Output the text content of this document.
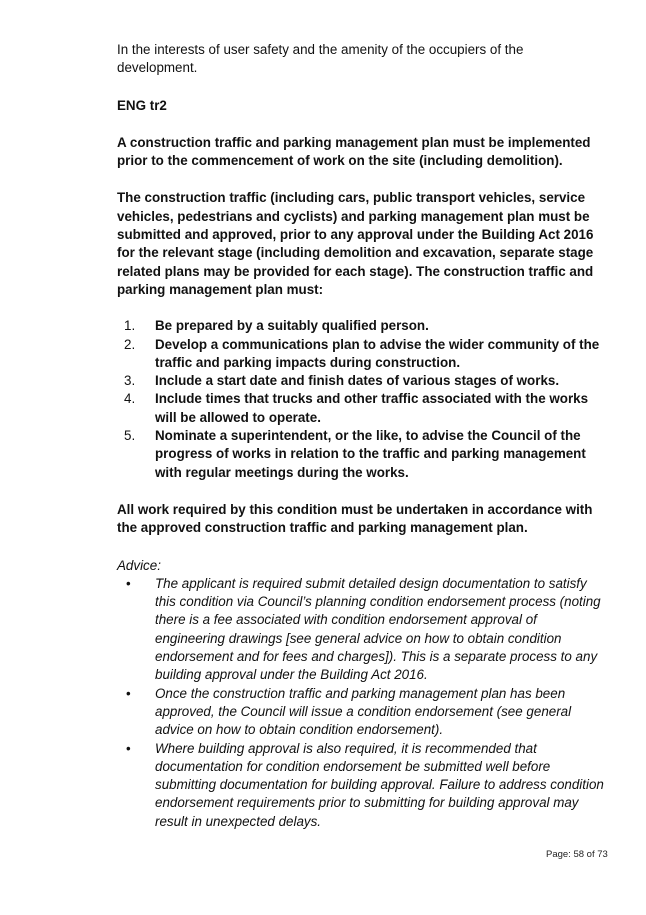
In the interests of user safety and the amenity of the occupiers of the development.

ENG tr2

A construction traffic and parking management plan must be implemented prior to the commencement of work on the site (including demolition).

The construction traffic (including cars, public transport vehicles, service vehicles, pedestrians and cyclists) and parking management plan must be submitted and approved, prior to any approval under the Building Act 2016 for the relevant stage (including demolition and excavation, separate stage related plans may be provided for each stage). The construction traffic and parking management plan must:

1. Be prepared by a suitably qualified person.
2. Develop a communications plan to advise the wider community of the traffic and parking impacts during construction.
3. Include a start date and finish dates of various stages of works.
4. Include times that trucks and other traffic associated with the works will be allowed to operate.
5. Nominate a superintendent, or the like, to advise the Council of the progress of works in relation to the traffic and parking management with regular meetings during the works.

All work required by this condition must be undertaken in accordance with the approved construction traffic and parking management plan.

Advice:

• The applicant is required submit detailed design documentation to satisfy this condition via Council’s planning condition endorsement process (noting there is a fee associated with condition endorsement approval of engineering drawings [see general advice on how to obtain condition endorsement and for fees and charges]). This is a separate process to any building approval under the Building Act 2016.
• Once the construction traffic and parking management plan has been approved, the Council will issue a condition endorsement (see general advice on how to obtain condition endorsement).
• Where building approval is also required, it is recommended that documentation for condition endorsement be submitted well before submitting documentation for building approval. Failure to address condition endorsement requirements prior to submitting for building approval may result in unexpected delays.
Page: 58 of 73
